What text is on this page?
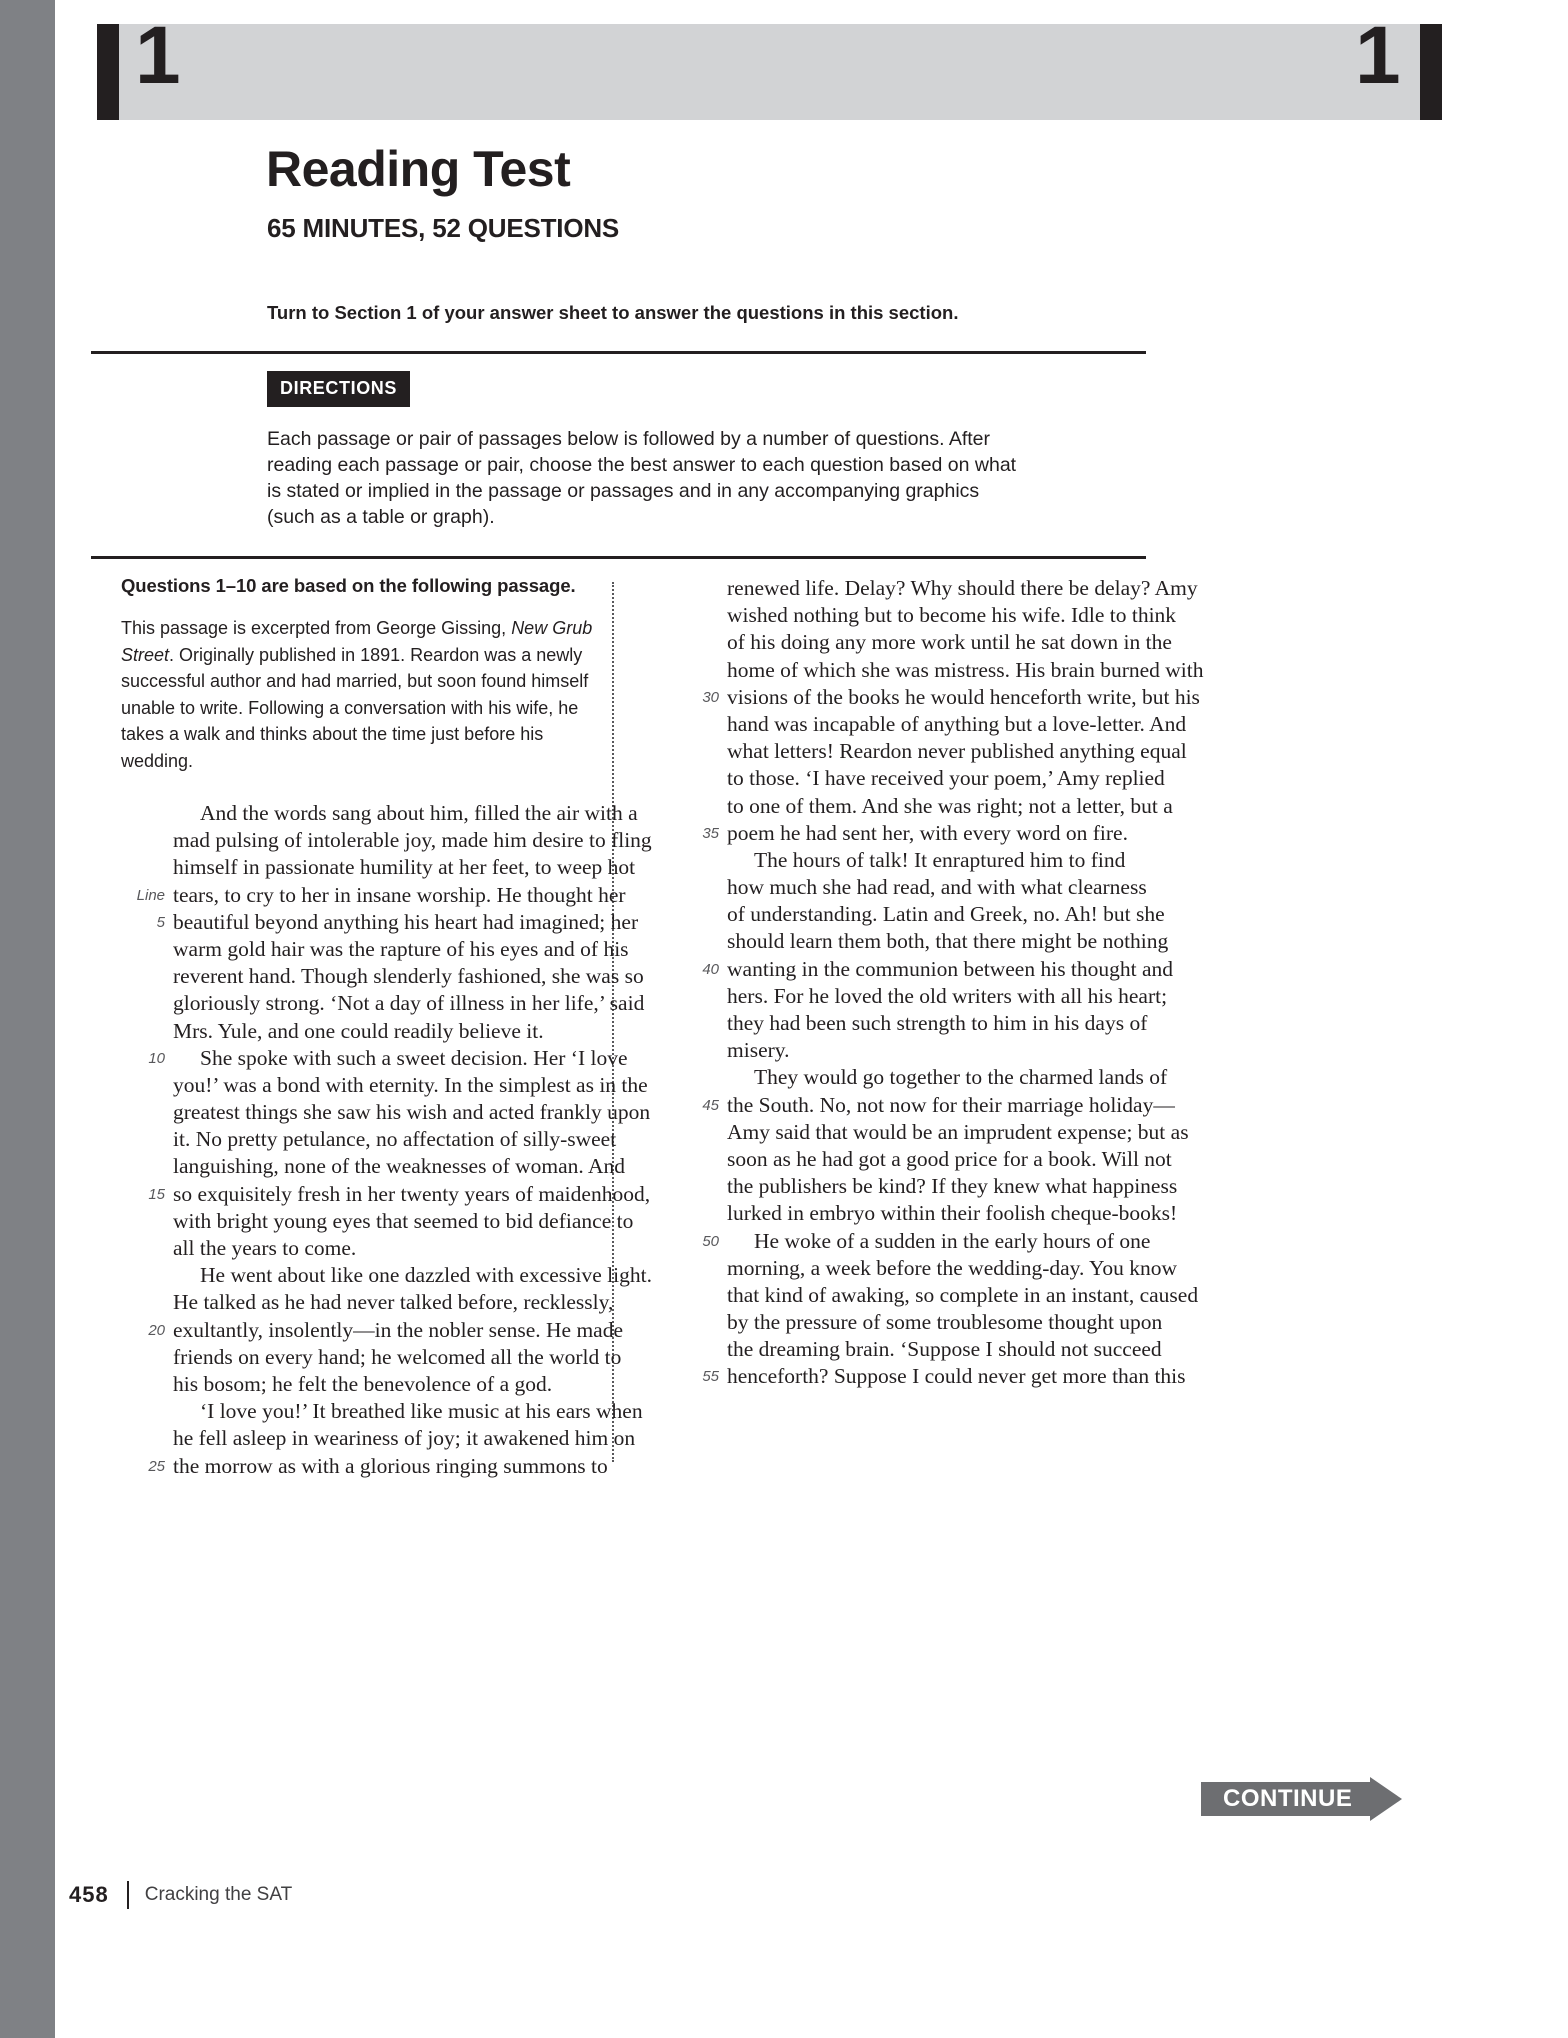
1	1
Reading Test
65 MINUTES, 52 QUESTIONS
Turn to Section 1 of your answer sheet to answer the questions in this section.
DIRECTIONS
Each passage or pair of passages below is followed by a number of questions. After reading each passage or pair, choose the best answer to each question based on what is stated or implied in the passage or passages and in any accompanying graphics (such as a table or graph).
Questions 1–10 are based on the following passage.
This passage is excerpted from George Gissing, New Grub Street. Originally published in 1891. Reardon was a newly successful author and had married, but soon found himself unable to write. Following a conversation with his wife, he takes a walk and thinks about the time just before his wedding.
And the words sang about him, filled the air with a
mad pulsing of intolerable joy, made him desire to fling
himself in passionate humility at her feet, to weep hot
Line tears, to cry to her in insane worship. He thought her
5 beautiful beyond anything his heart had imagined; her
warm gold hair was the rapture of his eyes and of his
reverent hand. Though slenderly fashioned, she was so
gloriously strong. ‘Not a day of illness in her life,’ said
Mrs. Yule, and one could readily believe it.
10 She spoke with such a sweet decision. Her ‘I love
you!’ was a bond with eternity. In the simplest as in the
greatest things she saw his wish and acted frankly upon
it. No pretty petulance, no affectation of silly-sweet
languishing, none of the weaknesses of woman. And
15 so exquisitely fresh in her twenty years of maidenhood,
with bright young eyes that seemed to bid defiance to
all the years to come.
He went about like one dazzled with excessive light.
He talked as he had never talked before, recklessly,
20 exultantly, insolently—in the nobler sense. He made
friends on every hand; he welcomed all the world to
his bosom; he felt the benevolence of a god.
‘I love you!’ It breathed like music at his ears when
he fell asleep in weariness of joy; it awakened him on
25 the morrow as with a glorious ringing summons to
renewed life. Delay? Why should there be delay? Amy
wished nothing but to become his wife. Idle to think
of his doing any more work until he sat down in the
home of which she was mistress. His brain burned with
30 visions of the books he would henceforth write, but his
hand was incapable of anything but a love-letter. And
what letters! Reardon never published anything equal
to those. ‘I have received your poem,’ Amy replied
to one of them. And she was right; not a letter, but a
35 poem he had sent her, with every word on fire.
The hours of talk! It enraptured him to find
how much she had read, and with what clearness
of understanding. Latin and Greek, no. Ah! but she
should learn them both, that there might be nothing
40 wanting in the communion between his thought and
hers. For he loved the old writers with all his heart;
they had been such strength to him in his days of
misery.
They would go together to the charmed lands of
45 the South. No, not now for their marriage holiday—
Amy said that would be an imprudent expense; but as
soon as he had got a good price for a book. Will not
the publishers be kind? If they knew what happiness
lurked in embryo within their foolish cheque-books!
50 He woke of a sudden in the early hours of one
morning, a week before the wedding-day. You know
that kind of awaking, so complete in an instant, caused
by the pressure of some troublesome thought upon
the dreaming brain. ‘Suppose I should not succeed
55 henceforth? Suppose I could never get more than this
CONTINUE
458 Cracking the SAT
